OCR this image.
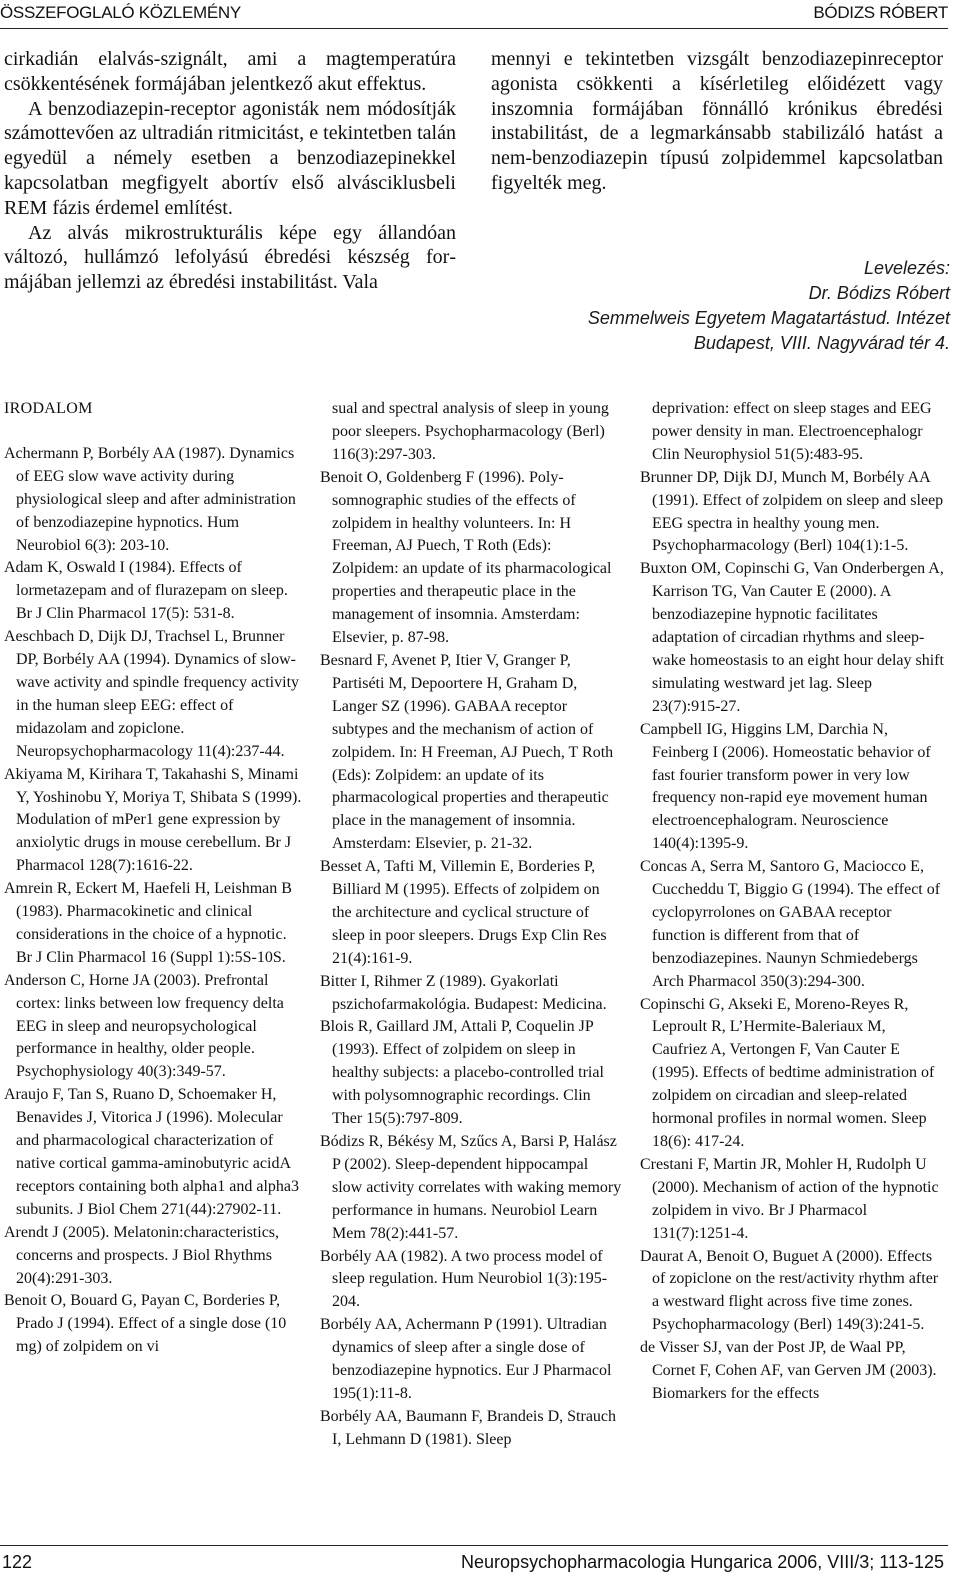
ÖSSZEFOGLALÓ KÖZLEMÉNY	BÓDIZS RÓBERT

cirkadián elalvás-szignált, ami a magtemperatúra csökkentésének formájában jelentkező akut effektus.

A benzodiazepin-receptor agonisták nem módosítják számottevően az ultradián ritmicitást, e tekintetben talán egyedül a némely esetben a benzodiazepinekkel kapcsolatban megfigyelt abortív első alvásciklusbeli REM fázis érdemel említést.

Az alvás mikrostrukturális képe egy állandóan változó, hullámzó lefolyású ébredési készség formájában jellemzi az ébredési instabilitást. Vala

mennyi e tekintetben vizsgált benzodiazepinreceptor agonista csökkenti a kísérletileg előidézett vagy inszomnia formájában fönnálló krónikus ébredési instabilitást, de a legmarkánsabb stabilizáló hatást a nem-benzodiazepin típusú zolpidemmel kapcsolatban figyelték meg.

Levelezés:
Dr. Bódizs Róbert
Semmelweis Egyetem Magatartástud. Intézet
Budapest, VIII. Nagyvárad tér 4.
IRODALOM

Achermann P, Borbély AA (1987). Dynamics of EEG slow wave activity during physiological sleep and after administration of benzodiazepine hypnotics. Hum Neurobiol 6(3): 203-10.

Adam K, Oswald I (1984). Effects of lormetazepam and of flurazepam on sleep. Br J Clin Pharmacol 17(5): 531-8.

Aeschbach D, Dijk DJ, Trachsel L, Brunner DP, Borbély AA (1994). Dynamics of slow-wave activity and spindle frequency activity in the human sleep EEG: effect of midazolam and zopiclone. Neuropsychopharmacology 11(4):237-44.

Akiyama M, Kirihara T, Takahashi S, Minami Y, Yoshinobu Y, Moriya T, Shibata S (1999). Modulation of mPer1 gene expression by anxiolytic drugs in mouse cerebellum. Br J Pharmacol 128(7):1616-22.

Amrein R, Eckert M, Haefeli H, Leishman B (1983). Pharmacokinetic and clinical considerations in the choice of a hypnotic. Br J Clin Pharmacol 16 (Suppl 1):5S-10S.

Anderson C, Horne JA (2003). Prefrontal cortex: links between low frequency delta EEG in sleep and neuropsychological performance in healthy, older people. Psychophysiology 40(3):349-57.

Araujo F, Tan S, Ruano D, Schoemaker H, Benavides J, Vitorica J (1996). Molecular and pharmacological characterization of native cortical gamma-aminobutyric acidA receptors containing both alpha1 and alpha3 subunits. J Biol Chem 271(44):27902-11.

Arendt J (2005). Melatonin:characteristics, concerns and prospects. J Biol Rhythms 20(4):291-303.

Benoit O, Bouard G, Payan C, Borderies P, Prado J (1994). Effect of a single dose (10 mg) of zolpidem on vi

sual and spectral analysis of sleep in young poor sleepers. Psychopharmacology (Berl) 116(3):297-303.

Benoit O, Goldenberg F (1996). Polysomnographic studies of the effects of zolpidem in healthy volunteers. In: H Freeman, AJ Puech, T Roth (Eds): Zolpidem: an update of its pharmacological properties and therapeutic place in the management of insomnia. Amsterdam: Elsevier, p. 87-98.

Besnard F, Avenet P, Itier V, Granger P, Partiséti M, Depoortere H, Graham D, Langer SZ (1996). GABAA receptor subtypes and the mechanism of action of zolpidem. In: H Freeman, AJ Puech, T Roth (Eds): Zolpidem: an update of its pharmacological properties and therapeutic place in the management of insomnia. Amsterdam: Elsevier, p. 21-32.

Besset A, Tafti M, Villemin E, Borderies P, Billiard M (1995). Effects of zolpidem on the architecture and cyclical structure of sleep in poor sleepers. Drugs Exp Clin Res 21(4):161-9.

Bitter I, Rihmer Z (1989). Gyakorlati pszichofarmakológia. Budapest: Medicina.

Blois R, Gaillard JM, Attali P, Coquelin JP (1993). Effect of zolpidem on sleep in healthy subjects: a placebo-controlled trial with polysomnographic recordings. Clin Ther 15(5):797-809.

Bódizs R, Békésy M, Szűcs A, Barsi P, Halász P (2002). Sleep-dependent hippocampal slow activity correlates with waking memory performance in humans. Neurobiol Learn Mem 78(2):441-57.

Borbély AA (1982). A two process model of sleep regulation. Hum Neurobiol 1(3):195-204.

Borbély AA, Achermann P (1991). Ultradian dynamics of sleep after a single dose of benzodiazepine hypnotics. Eur J Pharmacol 195(1):11-8.

Borbély AA, Baumann F, Brandeis D, Strauch I, Lehmann D (1981). Sleep

deprivation: effect on sleep stages and EEG power density in man. Electroencephalogr Clin Neurophysiol 51(5):483-95.

Brunner DP, Dijk DJ, Munch M, Borbély AA (1991). Effect of zolpidem on sleep and sleep EEG spectra in healthy young men. Psychopharmacology (Berl) 104(1):1-5.

Buxton OM, Copinschi G, Van Onderbergen A, Karrison TG, Van Cauter E (2000). A benzodiazepine hypnotic facilitates adaptation of circadian rhythms and sleep-wake homeostasis to an eight hour delay shift simulating westward jet lag. Sleep 23(7):915-27.

Campbell IG, Higgins LM, Darchia N, Feinberg I (2006). Homeostatic behavior of fast fourier transform power in very low frequency non-rapid eye movement human electroencephalogram. Neuroscience 140(4):1395-9.

Concas A, Serra M, Santoro G, Maciocco E, Cuccheddu T, Biggio G (1994). The effect of cyclopyrrolones on GABAA receptor function is different from that of benzodiazepines. Naunyn Schmiedebergs Arch Pharmacol 350(3):294-300.

Copinschi G, Akseki E, Moreno-Reyes R, Leproult R, L’Hermite-Baleriaux M, Caufriez A, Vertongen F, Van Cauter E (1995). Effects of bedtime administration of zolpidem on circadian and sleep-related hormonal profiles in normal women. Sleep 18(6): 417-24.

Crestani F, Martin JR, Mohler H, Rudolph U (2000). Mechanism of action of the hypnotic zolpidem in vivo. Br J Pharmacol 131(7):1251-4.

Daurat A, Benoit O, Buguet A (2000). Effects of zopiclone on the rest/activity rhythm after a westward flight across five time zones. Psychopharmacology (Berl) 149(3):241-5.

de Visser SJ, van der Post JP, de Waal PP, Cornet F, Cohen AF, van Gerven JM (2003). Biomarkers for the effects

122	Neuropsychopharmacologia Hungarica 2006, VIII/3; 113-125
